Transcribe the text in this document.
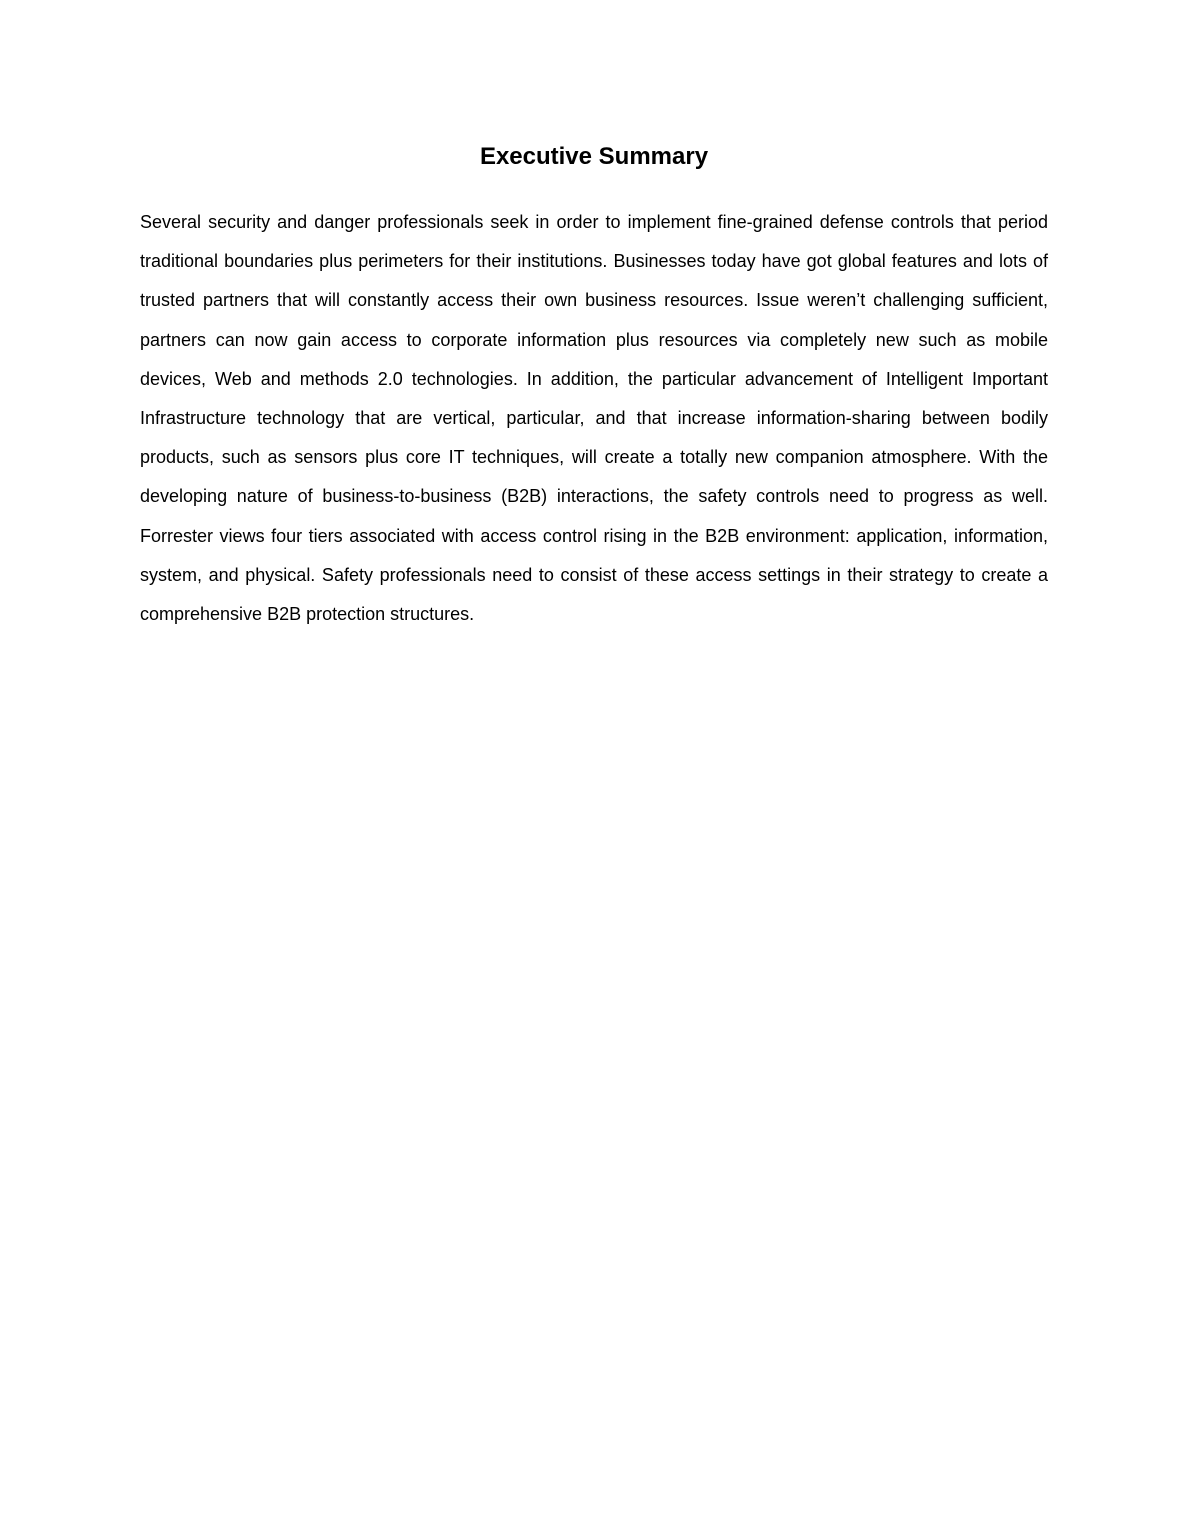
Executive Summary

Several security and danger professionals seek in order to implement fine-grained defense controls that period traditional boundaries plus perimeters for their institutions. Businesses today have got global features and lots of trusted partners that will constantly access their own business resources. Issue weren’t challenging sufficient, partners can now gain access to corporate information plus resources via completely new such as mobile devices, Web and methods 2.0 technologies. In addition, the particular advancement of Intelligent Important Infrastructure technology that are vertical, particular, and that increase information-sharing between bodily products, such as sensors plus core IT techniques, will create a totally new companion atmosphere. With the developing nature of business-to-business (B2B) interactions, the safety controls need to progress as well. Forrester views four tiers associated with access control rising in the B2B environment: application, information, system, and physical. Safety professionals need to consist of these access settings in their strategy to create a comprehensive B2B protection structures.
